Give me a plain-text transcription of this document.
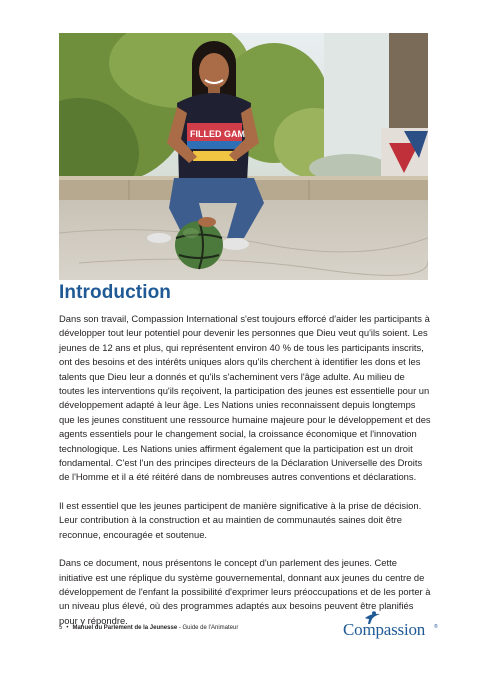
FILLED GAM
Introduction

Dans son travail, Compassion International s'est toujours efforcé d'aider les participants à développer tout leur potentiel pour devenir les personnes que Dieu veut qu'ils soient. Les jeunes de 12 ans et plus, qui représentent environ 40 % de tous les participants inscrits, ont des besoins et des intérêts uniques alors qu'ils cherchent à identifier les dons et les talents que Dieu leur a donnés et qu'ils s'acheminent vers l'âge adulte. Au milieu de toutes les interventions qu'ils reçoivent, la participation des jeunes est essentielle pour un développement adapté à leur âge. Les Nations unies reconnaissent depuis longtemps que les jeunes constituent une ressource humaine majeure pour le développement et des agents essentiels pour le changement social, la croissance économique et l'innovation technologique. Les Nations unies affirment également que la participation est un droit fondamental. C'est l'un des principes directeurs de la Déclaration Universelle des Droits de l'Homme et il a été réitéré dans de nombreuses autres conventions et déclarations.

Il est essentiel que les jeunes participent de manière significative à la prise de décision. Leur contribution à la construction et au maintien de communautés saines doit être reconnue, encouragée et soutenue.

Dans ce document, nous présentons le concept d'un parlement des jeunes. Cette initiative est une réplique du système gouvernemental, donnant aux jeunes du centre de développement de l'enfant la possibilité d'exprimer leurs préoccupations et de les porter à un niveau plus élevé, où des programmes adaptés aux besoins peuvent être planifiés pour y répondre.

5 • Manuel du Parlement de la Jeunesse - Guide de l'Animateur	Compassion ®
